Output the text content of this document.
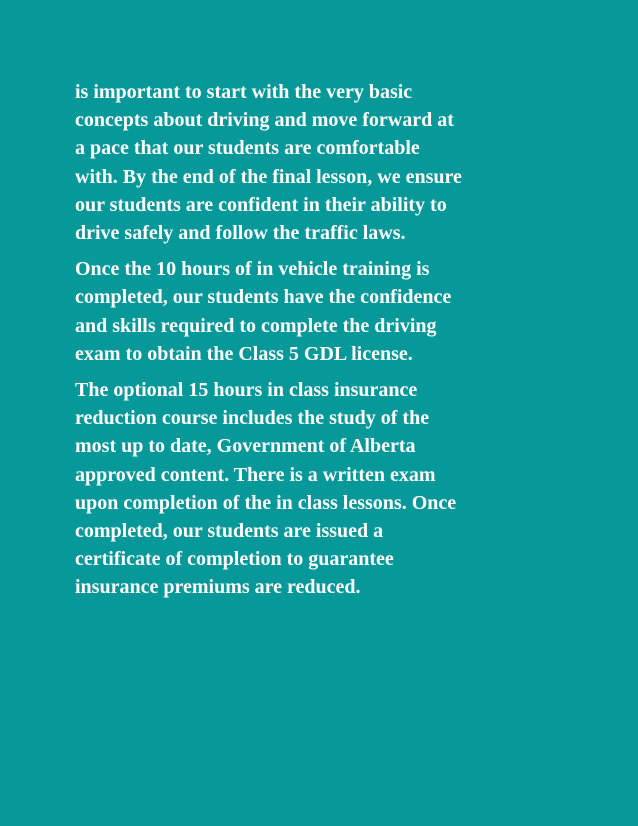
is important to start with the very basic
concepts about driving and move forward at
a pace that our students are comfortable
with. By the end of the final lesson, we ensure
our students are confident in their ability to
drive safely and follow the traffic laws.

Once the 10 hours of in vehicle training is
completed, our students have the confidence
and skills required to complete the driving
exam to obtain the Class 5 GDL license.

The optional 15 hours in class insurance
reduction course includes the study of the
most up to date, Government of Alberta
approved content. There is a written exam
upon completion of the in class lessons. Once
completed, our students are issued a
certificate of completion to guarantee
insurance premiums are reduced.
